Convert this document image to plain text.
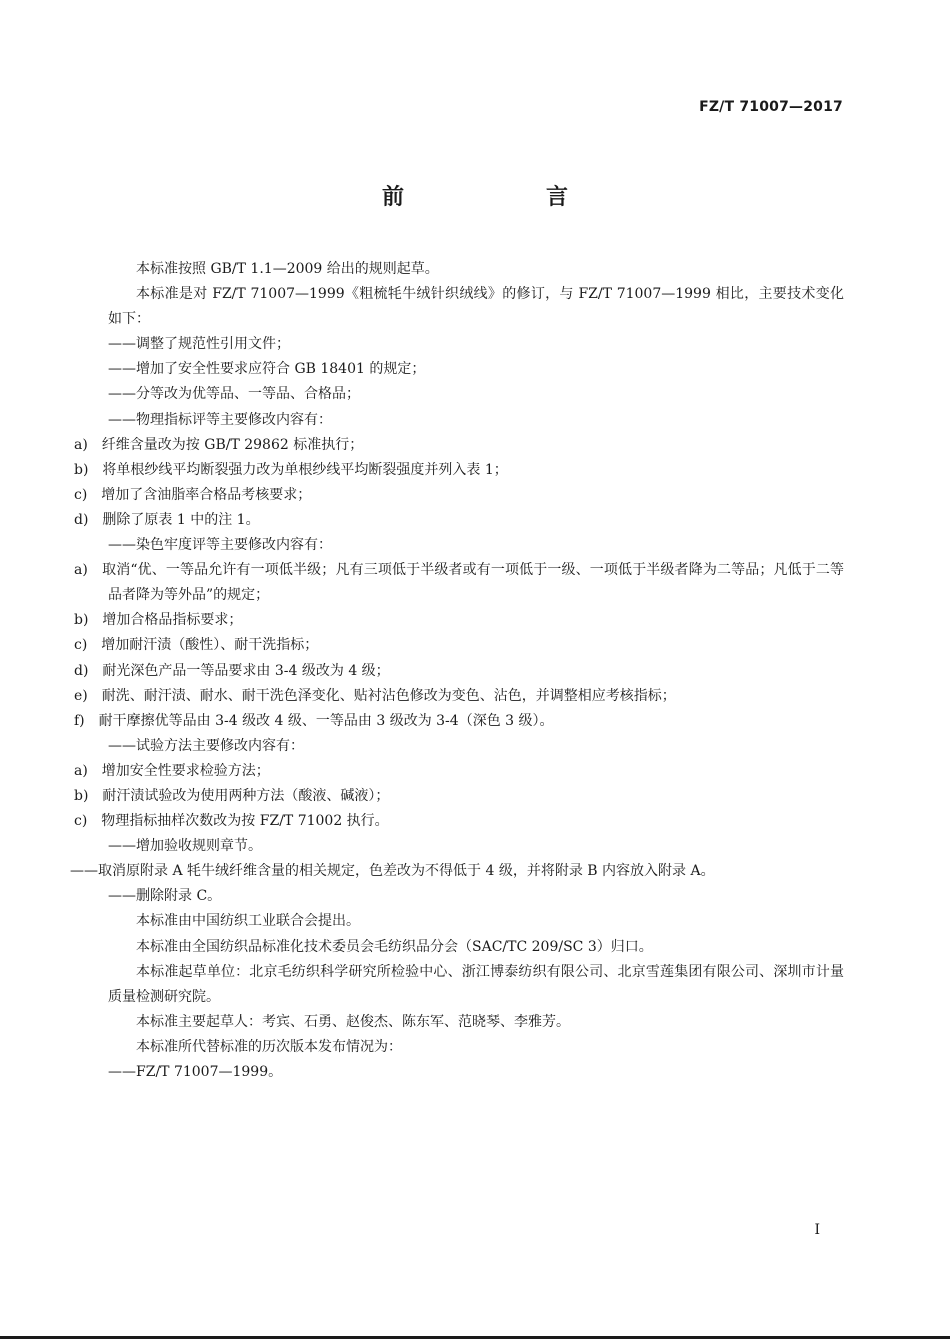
FZ/T 71007—2017
前　言

本标准按照 GB/T 1.1—2009 给出的规则起草。

本标准是对 FZ/T 71007—1999《粗梳牦牛绒针织绒线》的修订，与 FZ/T 71007—1999 相比，主要技术变化如下：

——调整了规范性引用文件；

——增加了安全性要求应符合 GB 18401 的规定；

——分等改为优等品、一等品、合格品；

——物理指标评等主要修改内容有：

a)　纤维含量改为按 GB/T 29862 标准执行；

b)　将单根纱线平均断裂强力改为单根纱线平均断裂强度并列入表 1；

c)　增加了含油脂率合格品考核要求；

d)　删除了原表 1 中的注 1。

——染色牢度评等主要修改内容有：

a)　取消“优、一等品允许有一项低半级；凡有三项低于半级者或有一项低于一级、一项低于半级者降为二等品；凡低于二等品者降为等外品”的规定；

b)　增加合格品指标要求；

c)　增加耐汗渍（酸性）、耐干洗指标；

d)　耐光深色产品一等品要求由 3-4 级改为 4 级；

e)　耐洗、耐汗渍、耐水、耐干洗色泽变化、贴衬沾色修改为变色、沾色，并调整相应考核指标；

f)　耐干摩擦优等品由 3-4 级改 4 级、一等品由 3 级改为 3-4（深色 3 级）。

——试验方法主要修改内容有：

a)　增加安全性要求检验方法；

b)　耐汗渍试验改为使用两种方法（酸液、碱液）；

c)　物理指标抽样次数改为按 FZ/T 71002 执行。

——增加验收规则章节。

——取消原附录 A 牦牛绒纤维含量的相关规定，色差改为不得低于 4 级，并将附录 B 内容放入附录 A。

——删除附录 C。

本标准由中国纺织工业联合会提出。

本标准由全国纺织品标准化技术委员会毛纺织品分会（SAC/TC 209/SC 3）归口。

本标准起草单位：北京毛纺织科学研究所检验中心、浙江博泰纺织有限公司、北京雪莲集团有限公司、深圳市计量质量检测研究院。

本标准主要起草人：考宾、石勇、赵俊杰、陈东军、范晓琴、李雅芳。

本标准所代替标准的历次版本发布情况为：

——FZ/T 71007—1999。

I
